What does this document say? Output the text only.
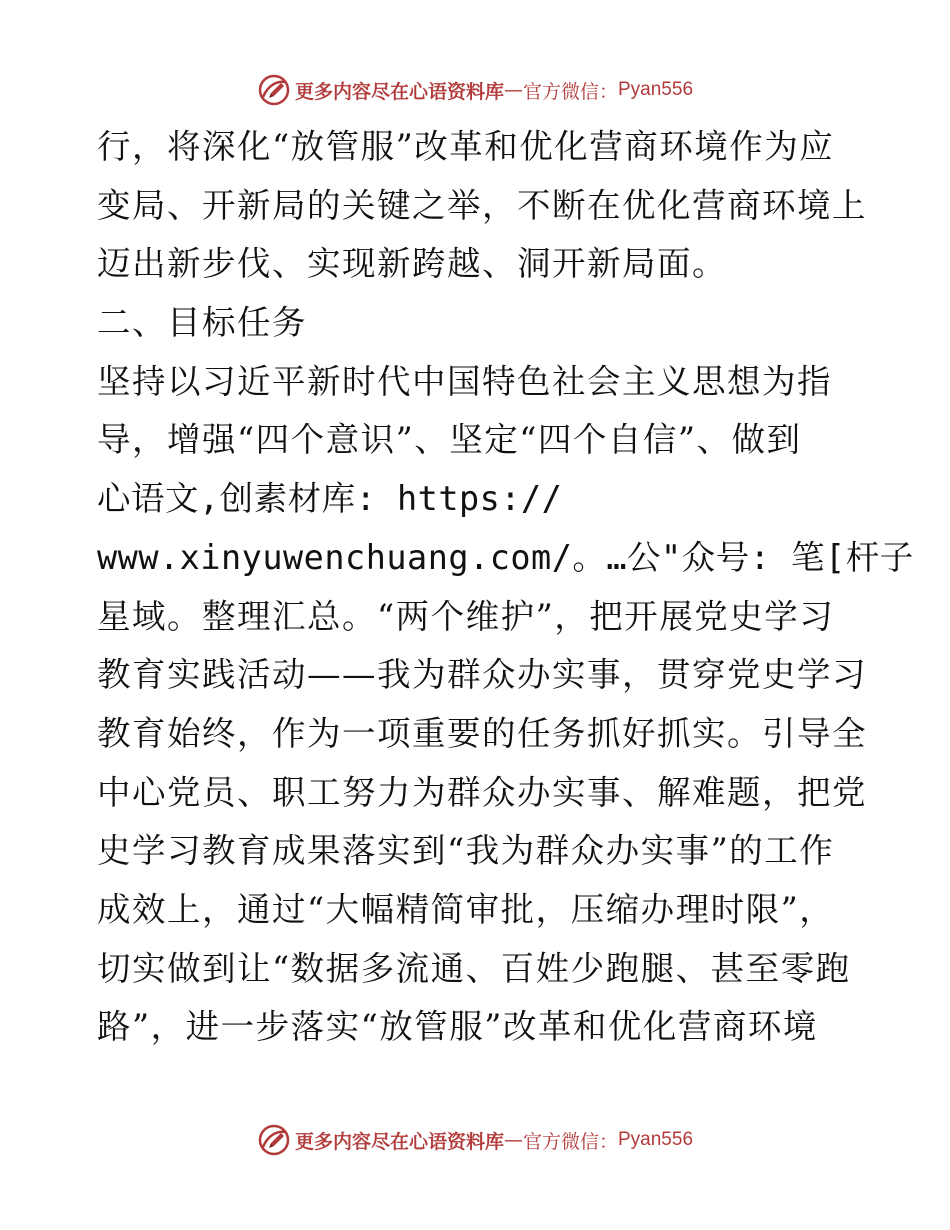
更多内容尽在心语资料库 — 官方微信： Pyan556
行，将深化“放管服”改革和优化营商环境作为应
变局、开新局的关键之举，不断在优化营商环境上
迈出新步伐、实现新跨越、洞开新局面。
二、目标任务
坚持以习近平新时代中国特色社会主义思想为指
导，增强“四个意识”、坚定“四个自信”、做到
心语文,创素材库: https://
www.xinyuwenchuang.com/。…公"众号: 笔[杆子
星域。整理汇总。“两个维护”，把开展党史学习
教育实践活动——我为群众办实事，贯穿党史学习
教育始终，作为一项重要的任务抓好抓实。引导全
中心党员、职工努力为群众办实事、解难题，把党
史学习教育成果落实到“我为群众办实事”的工作
成效上，通过“大幅精简审批，压缩办理时限”，
切实做到让“数据多流通、百姓少跑腿、甚至零跑
路”，进一步落实“放管服”改革和优化营商环境
更多内容尽在心语资料库 — 官方微信： Pyan556
